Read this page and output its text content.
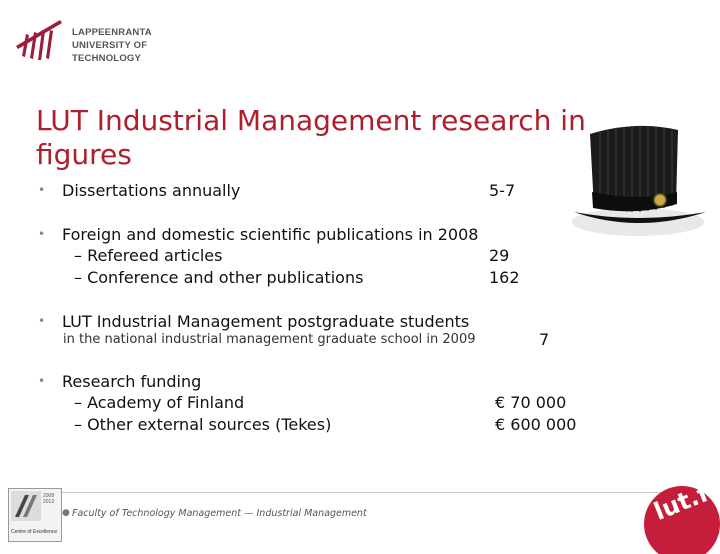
LAPPEENRANTA
UNIVERSITY OF TECHNOLOGY
LUT Industrial Management research in figures
• Dissertations annually	5-7
• Foreign and domestic scientific publications in 2008
– Refereed articles	29
– Conference and other publications	162
• LUT Industrial Management postgraduate students
in the national industrial management graduate school in 2009	7
• Research funding
– Academy of Finland	€ 70 000
– Other external sources (Tekes)	€ 600 000
2008 2013
Centre of Excellence
● Faculty of Technology Management — Industrial Management	lut.fi
